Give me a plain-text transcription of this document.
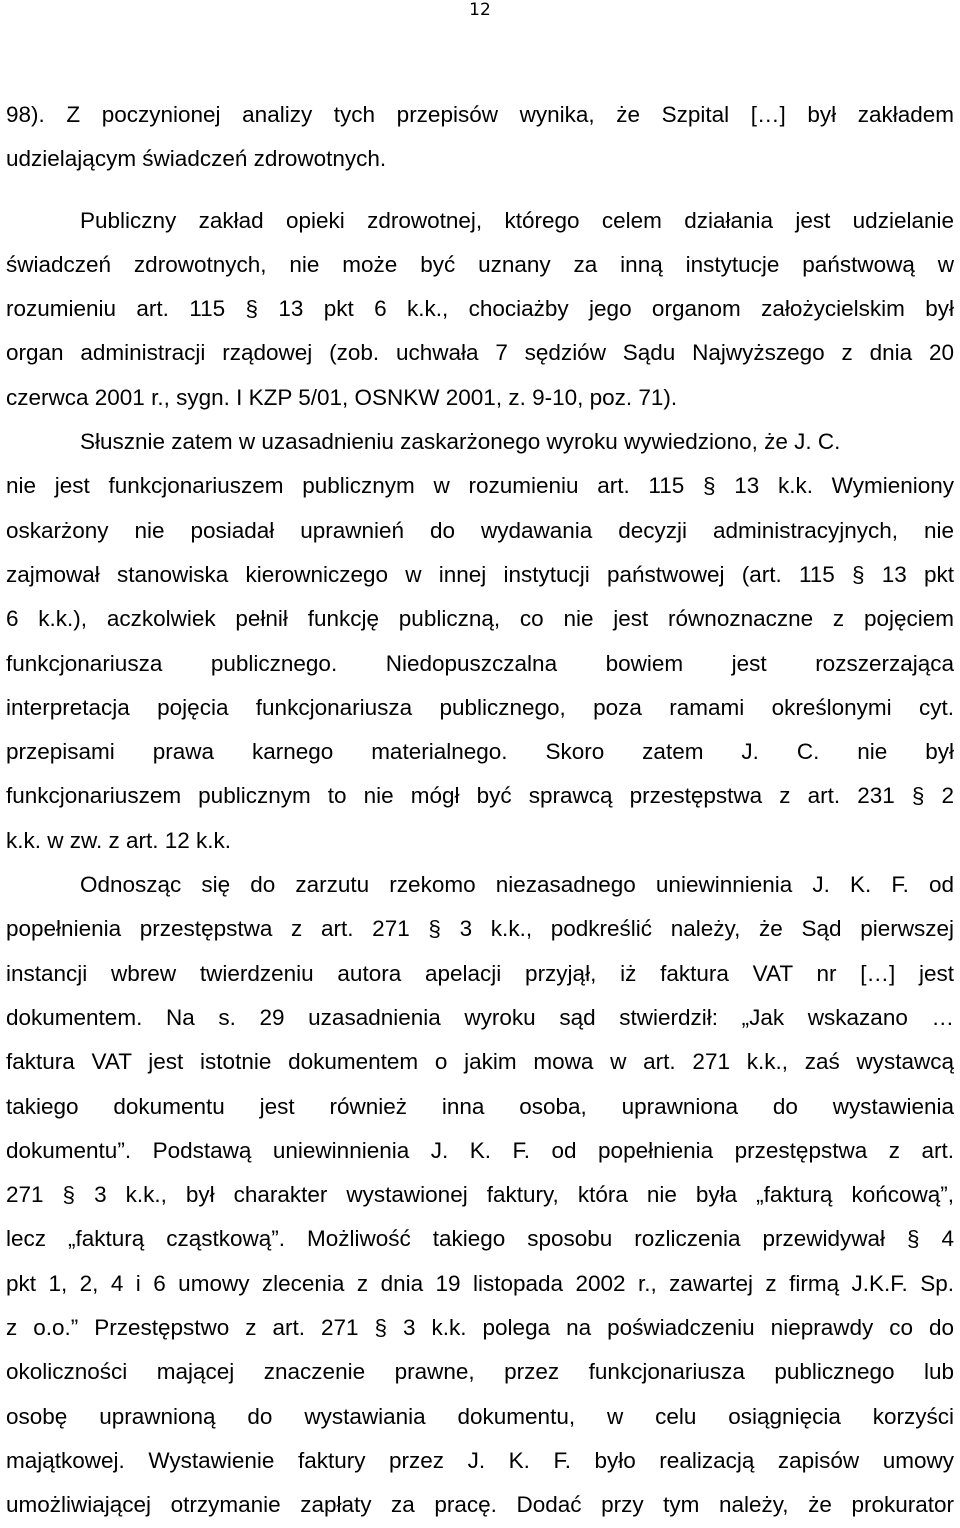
12
98). Z poczynionej analizy tych przepisów wynika, że Szpital […] był zakładem
udzielającym świadczeń zdrowotnych.
Publiczny zakład opieki zdrowotnej, którego celem działania jest udzielanie
świadczeń zdrowotnych, nie może być uznany za inną instytucje państwową w
rozumieniu art. 115 § 13 pkt 6 k.k., chociażby jego organom założycielskim był
organ administracji rządowej (zob. uchwała 7 sędziów Sądu Najwyższego z dnia 20
czerwca 2001 r., sygn. I KZP 5/01, OSNKW 2001, z. 9-10, poz. 71).
Słusznie zatem w uzasadnieniu zaskarżonego wyroku wywiedziono, że J. C.
nie jest funkcjonariuszem publicznym w rozumieniu art. 115 § 13 k.k. Wymieniony
oskarżony nie posiadał uprawnień do wydawania decyzji administracyjnych, nie
zajmował stanowiska kierowniczego w innej instytucji państwowej (art. 115 § 13 pkt
6 k.k.), aczkolwiek pełnił funkcję publiczną, co nie jest równoznaczne z pojęciem
funkcjonariusza publicznego. Niedopuszczalna bowiem jest rozszerzająca
interpretacja pojęcia funkcjonariusza publicznego, poza ramami określonymi cyt.
przepisami prawa karnego materialnego. Skoro zatem J. C. nie był
funkcjonariuszem publicznym to nie mógł być sprawcą przestępstwa z art. 231 § 2
k.k. w zw. z art. 12 k.k.
Odnosząc się do zarzutu rzekomo niezasadnego uniewinnienia J. K. F. od
popełnienia przestępstwa z art. 271 § 3 k.k., podkreślić należy, że Sąd pierwszej
instancji wbrew twierdzeniu autora apelacji przyjął, iż faktura VAT nr […] jest
dokumentem. Na s. 29 uzasadnienia wyroku sąd stwierdził: „Jak wskazano …
faktura VAT jest istotnie dokumentem o jakim mowa w art. 271 k.k., zaś wystawcą
takiego dokumentu jest również inna osoba, uprawniona do wystawienia
dokumentu”. Podstawą uniewinnienia J. K. F. od popełnienia przestępstwa z art.
271 § 3 k.k., był charakter wystawionej faktury, która nie była „fakturą końcową”,
lecz „fakturą cząstkową”. Możliwość takiego sposobu rozliczenia przewidywał § 4
pkt 1, 2, 4 i 6 umowy zlecenia z dnia 19 listopada 2002 r., zawartej z firmą J.K.F. Sp.
z o.o.” Przestępstwo z art. 271 § 3 k.k. polega na poświadczeniu nieprawdy co do
okoliczności mającej znaczenie prawne, przez funkcjonariusza publicznego lub
osobę uprawnioną do wystawiania dokumentu, w celu osiągnięcia korzyści
majątkowej. Wystawienie faktury przez J. K. F. było realizacją zapisów umowy
umożliwiającej otrzymanie zapłaty za pracę. Dodać przy tym należy, że prokurator
